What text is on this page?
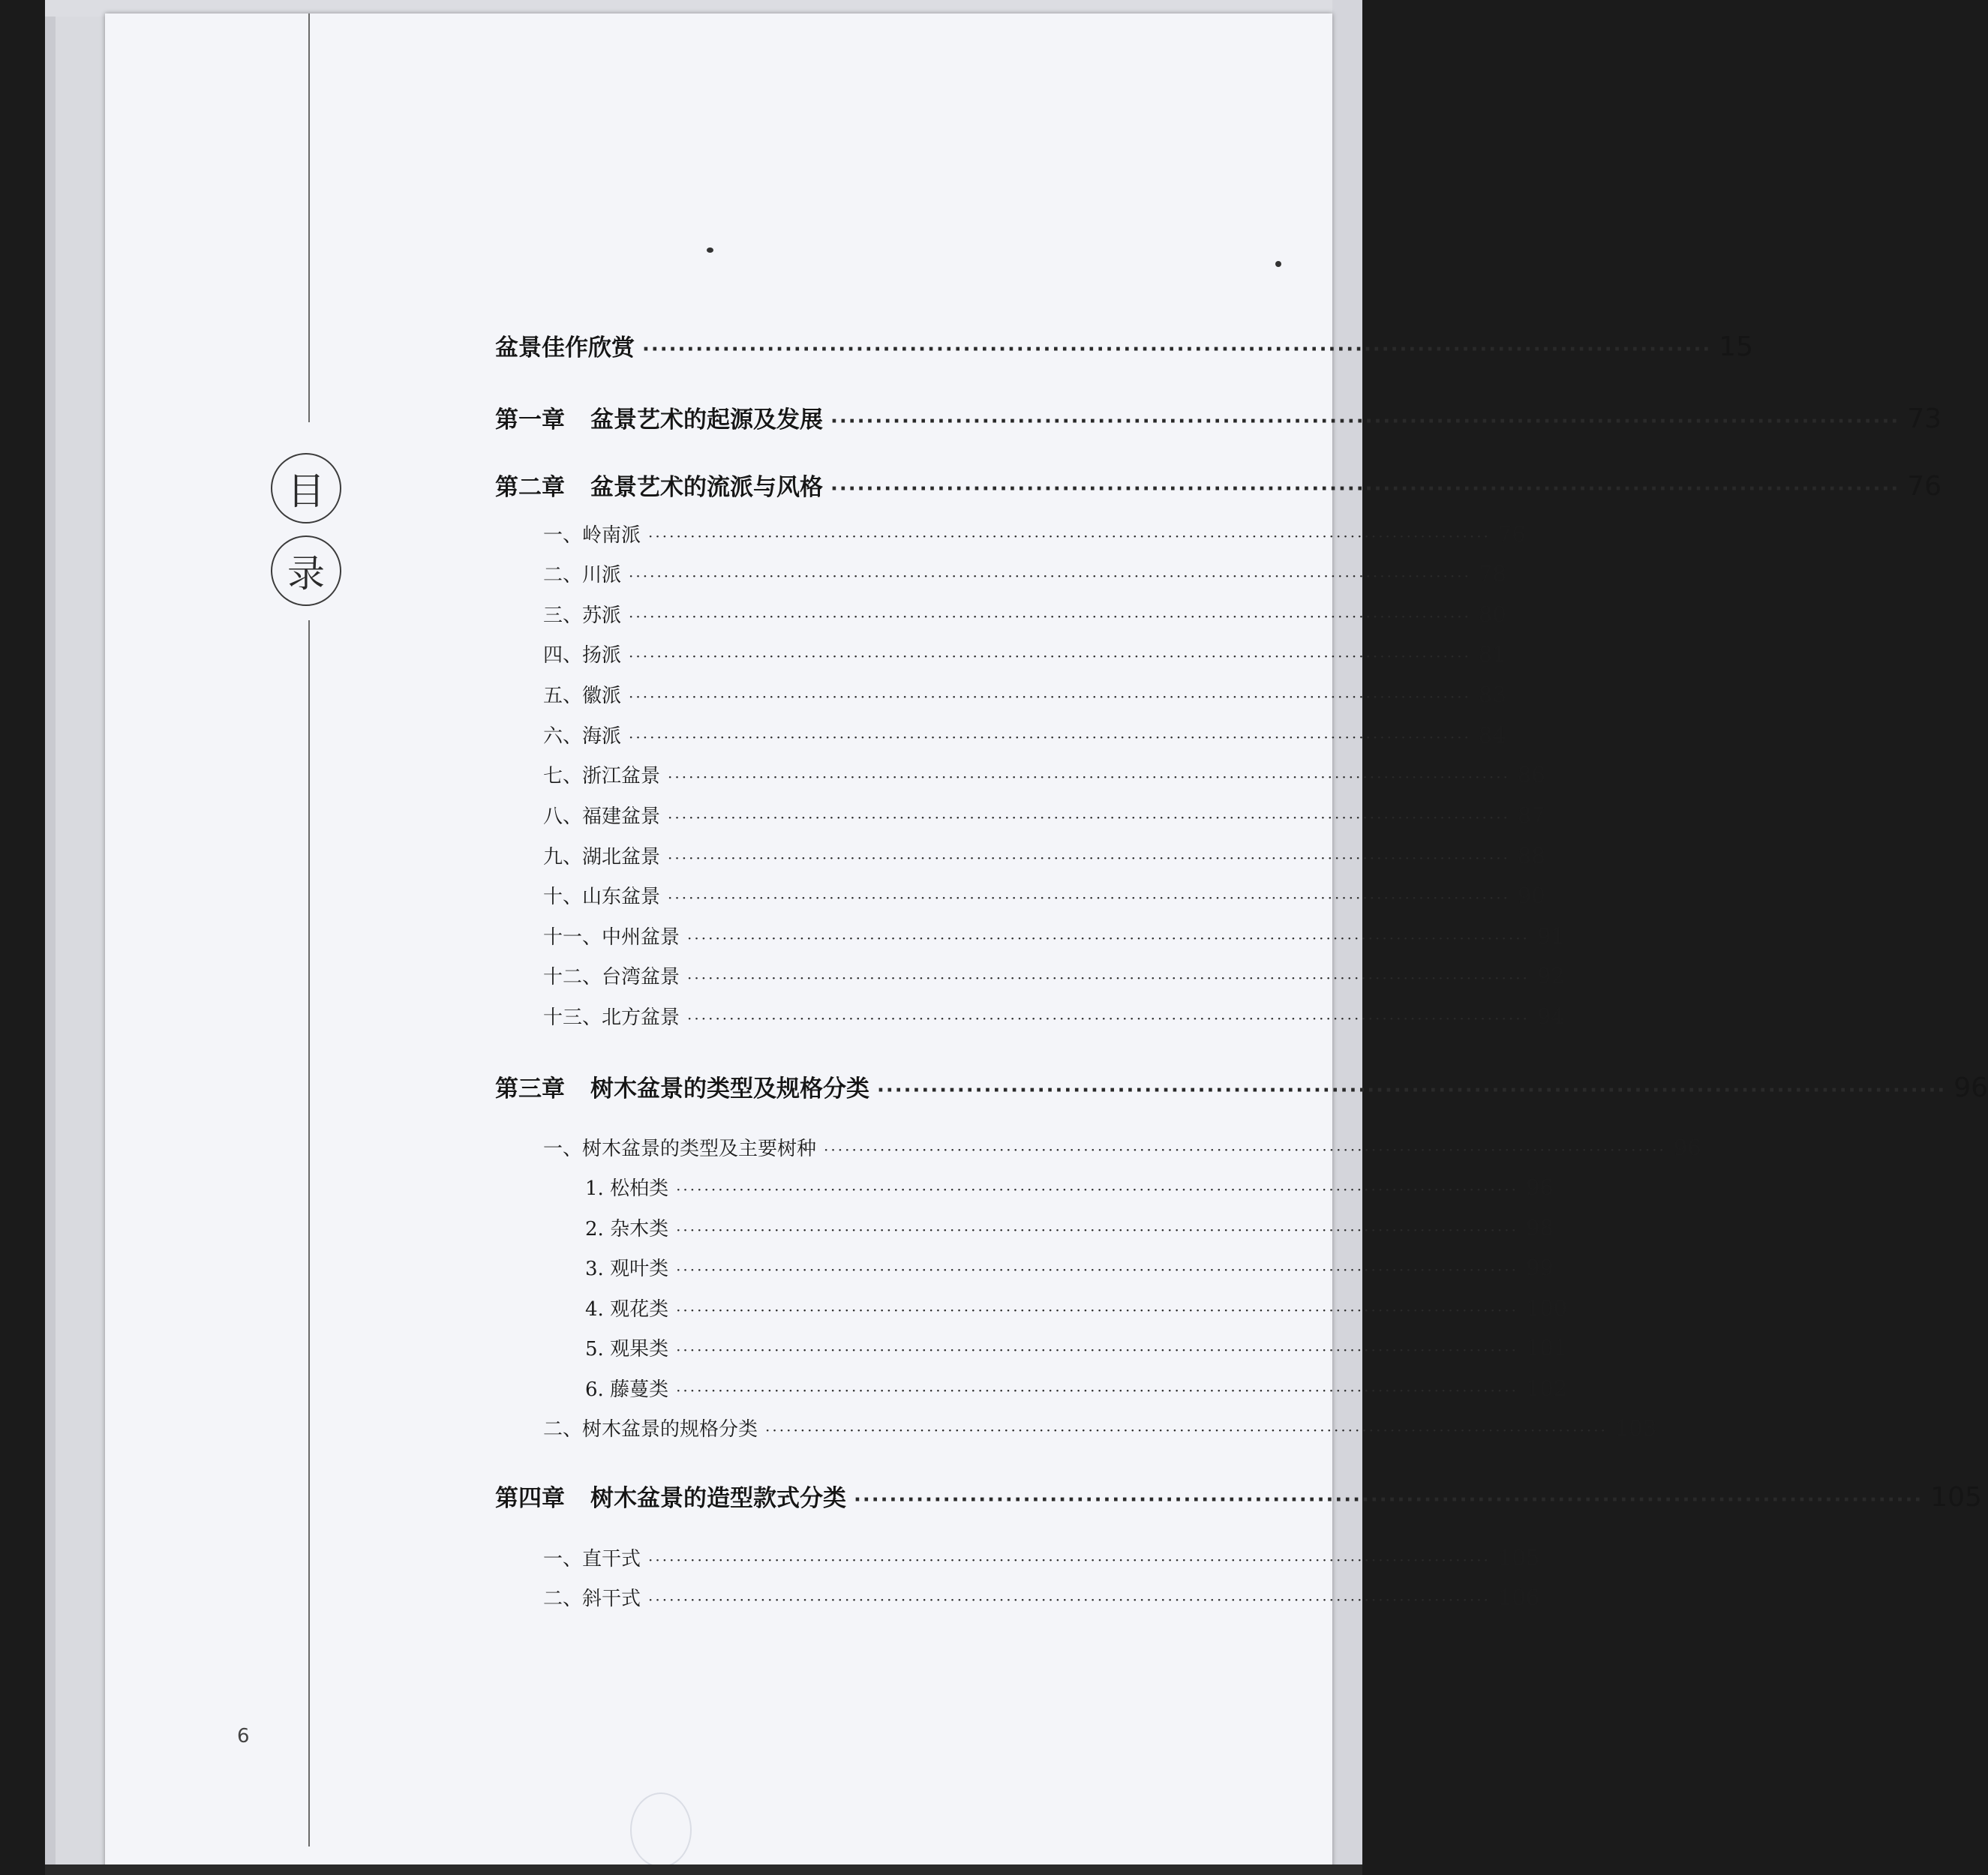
目
录
盆景佳作欣赏 ························································································································ 15
第一章 盆景艺术的起源及发展 ························································································································ 73
第二章 盆景艺术的流派与风格 ························································································································ 76
一、岭南派 ························································································································ 76
二、川派 ························································································································ 78
三、苏派 ························································································································ 80
四、扬派 ························································································································ 81
五、徽派 ························································································································ 83
六、海派 ························································································································ 84
七、浙江盆景 ························································································································ 86
八、福建盆景 ························································································································ 87
九、湖北盆景 ························································································································ 88
十、山东盆景 ························································································································ 90
十一、中州盆景 ························································································································ 91
十二、台湾盆景 ························································································································ 92
十三、北方盆景 ························································································································ 94
第三章 树木盆景的类型及规格分类 ························································································································ 96
一、树木盆景的类型及主要树种 ························································································································ 96
1. 松柏类 ························································································································ 96
2. 杂木类 ························································································································ 98
3. 观叶类 ························································································································ 99
4. 观花类 ························································································································ 100
5. 观果类 ························································································································ 101
6. 藤蔓类 ························································································································ 102
二、树木盆景的规格分类 ························································································································ 103
第四章 树木盆景的造型款式分类 ························································································································ 105
一、直干式 ························································································································ 105
二、斜干式 ························································································································ 106
6
